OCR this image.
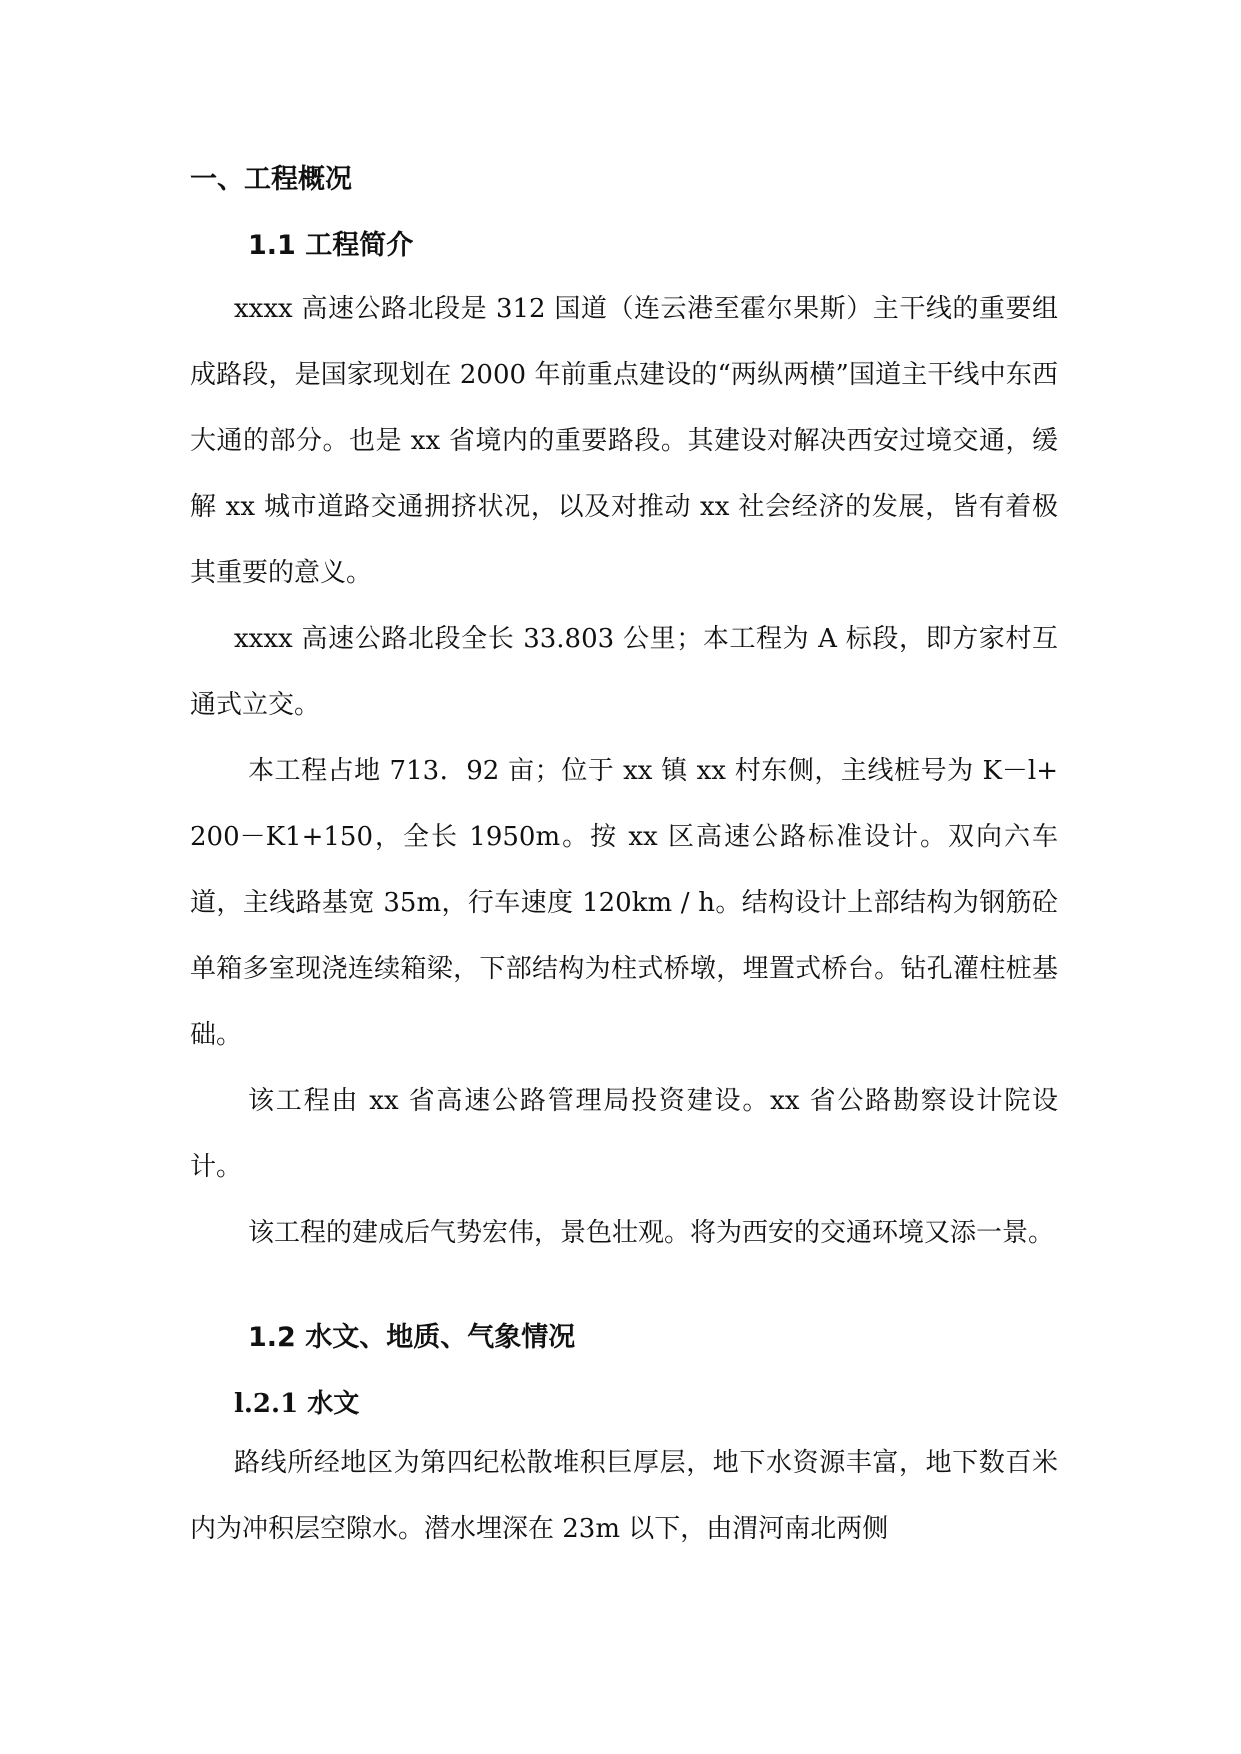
一、工程概况
1.1 工程简介

xxxx 高速公路北段是 312 国道（连云港至霍尔果斯）主干线的重要组成路段，是国家现划在 2000 年前重点建设的“两纵两横”国道主干线中东西大通的部分。也是 xx 省境内的重要路段。其建设对解决西安过境交通，缓解 xx 城市道路交通拥挤状况，以及对推动 xx 社会经济的发展，皆有着极其重要的意义。

xxxx 高速公路北段全长 33.803 公里；本工程为 A 标段，即方家村互通式立交。

本工程占地 713．92 亩；位于 xx 镇 xx 村东侧，主线桩号为 K－l+200－K1+150，全长 1950m。按 xx 区高速公路标准设计。双向六车道，主线路基宽 35m，行车速度 120km / h。结构设计上部结构为钢筋砼单箱多室现浇连续箱梁，下部结构为柱式桥墩，埋置式桥台。钻孔灌柱桩基础。

该工程由 xx 省高速公路管理局投资建设。xx 省公路勘察设计院设计。

该工程的建成后气势宏伟，景色壮观。将为西安的交通环境又添一景。

1.2 水文、地质、气象情况
l.2.1 水文

路线所经地区为第四纪松散堆积巨厚层，地下水资源丰富，地下数百米内为冲积层空隙水。潜水埋深在 23m 以下，由渭河南北两侧
